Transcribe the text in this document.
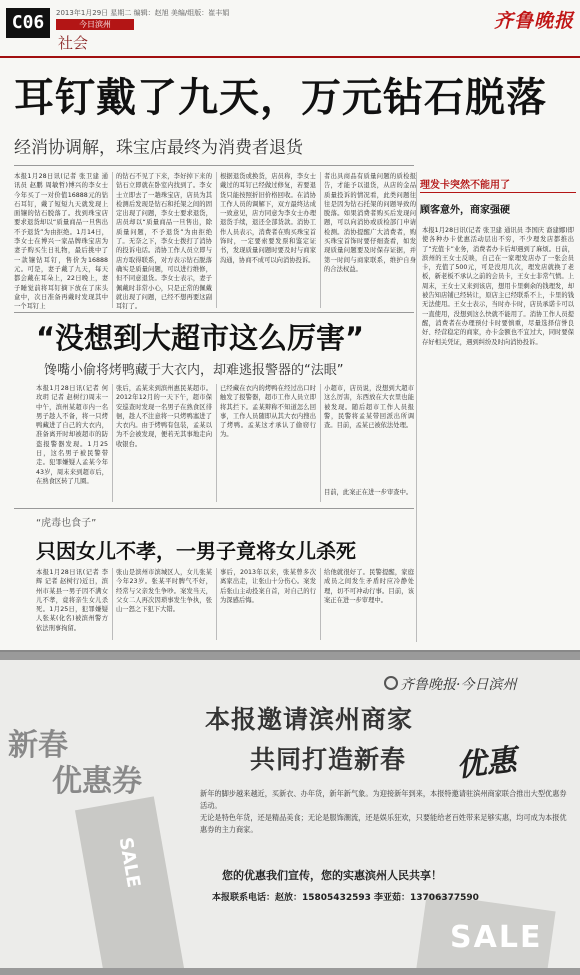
C06	2013年1月29日 星期二 编辑：赵旭 美编/组版：崔丰娟
今日滨州
社会
齐鲁晚报
耳钉戴了九天，万元钻石脱落
经消协调解，珠宝店最终为消费者退货
本报1月28日讯(记者 张卫建 通讯员 赵鹏 周敏哲)博兴的李女士今年买了一对价值16888元的钻石耳钉，戴了短短九天就发现上面镶的钻石脱落了。找到珠宝店要求退货却以“质量商品一旦售出不予退货”为由拒绝。1月14日，李女士在博兴一家品牌珠宝店为妻子购买生日礼物，最后挑中了一款镶钻耳钉，售价为16888元。可是，妻子戴了九天，每天都会戴在耳朵上，22日晚上，妻子睡觉前将耳钉摘下放在了床头盒中，次日准备再戴时发现其中一个耳钉上
的钻石不见了下来，李好掉下来的钻石立即就在卧室内找到了。李女士立即去了一趟珠宝店，店员为其检测后发现是钻石和托架之间的固定出现了问题，李女士要求退货，店员却以“质量商品一旦售出，除质量问题，不予退货”为由拒绝了。无奈之下，李女士拨打了消协的投诉电话。消协工作人员立即与店方取得联系，对方表示钻石脱落确实是质量问题，可以进行维修，但不同意退货。李女士表示，妻子佩戴时非常小心，只是正常的佩戴就出现了问题，已经不想再要这副耳钉了。
根据退货或换货，店员称，李女士戴过的耳钉已经做过修复，若要退货只能按照折旧价格回收。在消协工作人员的调解下，双方最终达成一致意见，店方同意为李女士办理退货手续，退还全部货款。消协工作人员表示，消费者在购买珠宝首饰时，一定要索要发票和鉴定证书，发现质量问题时要及时与商家沟通，协商不成可以向消协投诉。
者出具商品有质量问题的质检报告，才能予以退货，从店的金品质量投诉的情况看，此类问题往往是因为钻石托架的问题导致的脱落。如果消费者购买后发现问题，可以向消协或质检部门申请检测。消协提醒广大消费者，购买珠宝首饰时要仔细查看，如发现质量问题要及时保存证据，并第一时间与商家联系，维护自身的合法权益。
理发卡突然不能用了
顾客意外，商家强硬
本报1月28日讯(记者 张卫建 通讯员 李国庆 裔建娜)即使各种办卡优惠活动层出不穷，不少理发店都推出了“充值卡”业务，消费者办卡后却遇到了麻烦。日前，滨州的王女士反映，自己在一家理发店办了一张会员卡，充值了500元，可是没用几次，理发店就换了老板，新老板不承认之前的会员卡，王女士非常气愤。上周末，王女士又来到该店，想用卡里剩余的钱理发，却被告知店铺已经转让，原店主已经联系不上，卡里的钱无法使用。王女士表示，当时办卡时，店员承诺卡可以一直使用，没想到这么快就不能用了。消协工作人员提醒，消费者在办理预付卡时要慎重，尽量选择信誉良好、经营稳定的商家，办卡金额也不宜过大，同时要保存好相关凭证，遇到纠纷及时向消协投诉。
“没想到大超市这么厉害”
馋嘴小偷将烤鸭藏于大衣内，却难逃报警器的“法眼”
本报1月28日讯(记者 何 玫玥 记者 赵树行)周末一中午，滨州某超市内一名男子趁人不备，将一只烤鸭藏进了自己的大衣内，准备离开时却被超市的防盗报警器发现。1月25日，这名男子被民警带走。犯罪嫌疑人孟某今年43岁，周末来到超市后，在熟食区转了几圈。
张后，孟某来到滨州惠民某超市。2012年12月的一天下午，超市保安巡查时发现一名男子在熟食区徘徊，趁人不注意将一只烤鸭塞进了大衣内。由于烤鸭有包装，孟某以为不会被发现，便若无其事地走向收银台。
已经藏在衣内的烤鸭在经过出口时触发了报警器，超市工作人员立即将其拦下。孟某辩称不知道怎么回事，工作人员随即从其大衣内搜出了烤鸭。孟某这才承认了偷窃行为。
小超市，店员说，没想到大超市这么厉害，东西放在大衣里也能被发现。随后超市工作人员报警，民警将孟某带回派出所调查。目前，孟某已被依法处理。
目前，此案正在进一步审查中。
“虎毒也食子”
只因女儿不孝，一男子竟将女儿杀死
本报1月28日讯(记者 李 辉 记者 赵树行)近日，滨州市某县一男子因不满女儿不孝，竟将亲生女儿杀死。1月25日，犯罪嫌疑人张某(化名)被滨州警方依法刑事拘留。
张山是滨州市滨城区人，女儿张某今年23岁。张某平时脾气不好，经常与父亲发生争吵。案发当天，父女二人再次因琐事发生争执，张山一怒之下犯下大错。
事后，2013年以来，张某曾多次离家出走，让张山十分伤心。案发后张山主动投案自首，对自己的行为深感后悔。
给他就很好了。民警提醒，家庭成员之间发生矛盾时应冷静处理，切不可冲动行事。目前，该案正在进一步审理中。
SALE
SALE
齐鲁晚报·今日滨州
新春
优惠券
本报邀请滨州商家
共同打造新春 优惠

新年的脚步越来越近，买新衣、办年货，新年新气象。为迎接新年到来，本报特邀请驻滨州商家联合推出大型优惠券活动。

无论是特色年货，还是精品美食；无论是服饰潮流，还是娱乐狂欢，只要能给老百姓带来足够实惠，均可成为本报优惠券的主力商家。

您的优惠我们宣传，您的实惠滨州人民共享！
本报联系电话：赵放：15805432593 李亚茹：13706377590
